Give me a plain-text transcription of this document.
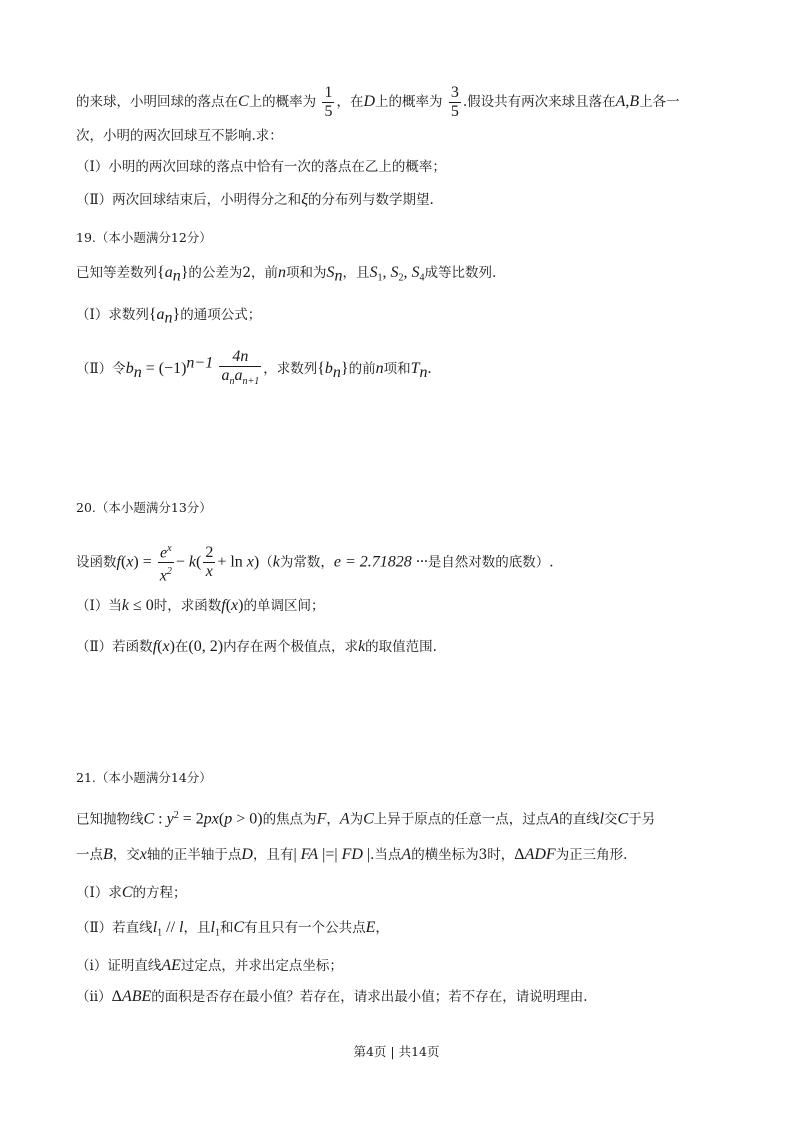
的来球，小明回球的落点在C上的概率为 $\frac{1}{5}$ ，在D上的概率为 $\frac{3}{5}$ .假设共有两次来球且落在A,B上各一
次，小明的两次回球互不影响.求：
（Ⅰ）小明的两次回球的落点中恰有一次的落点在乙上的概率；
（Ⅱ）两次回球结束后，小明得分之和ξ的分布列与数学期望.
19.（本小题满分12分）
已知等差数列$\{a_n\}$的公差为2，前n项和为$S_n$，且$S_1$, $S_2$, $S_4$成等比数列.
（Ⅰ）求数列$\{a_n\}$的通项公式；
（Ⅱ）令$b_n = (-1)^{n-1} \frac{4n}{a_na_{n+1}}$ ，求数列$\{b_n\}$的前n项和$T_n$.
20.（本小题满分13分）
设函数$f(x) = \frac{e^x}{x^2} - k( \frac{2}{x} + \ln x)(k$为常数，e = 2.71828 ···是自然对数的底数）.
（Ⅰ）当k ≤ 0时，求函数f(x)的单调区间；
（Ⅱ）若函数f(x)在(0, 2)内存在两个极值点，求k的取值范围.
21.（本小题满分14分）
已知抛物线C : $y^2 = 2px(p > 0)$的焦点为F，A为C上异于原点的任意一点，过点A的直线l交C于另
一点B，交x轴的正半轴于点D，且有| FA |=| FD |.当点A的横坐标为3时，ΔADF为正三角形.
（Ⅰ）求C的方程；
（Ⅱ）若直线$l_1$ // l，且$l_1$和C有且只有一个公共点E，
（ⅰ）证明直线AE过定点，并求出定点坐标；
（ⅱ）ΔABE的面积是否存在最小值？若存在，请求出最小值；若不存在，请说明理由.
第4页 | 共14页
